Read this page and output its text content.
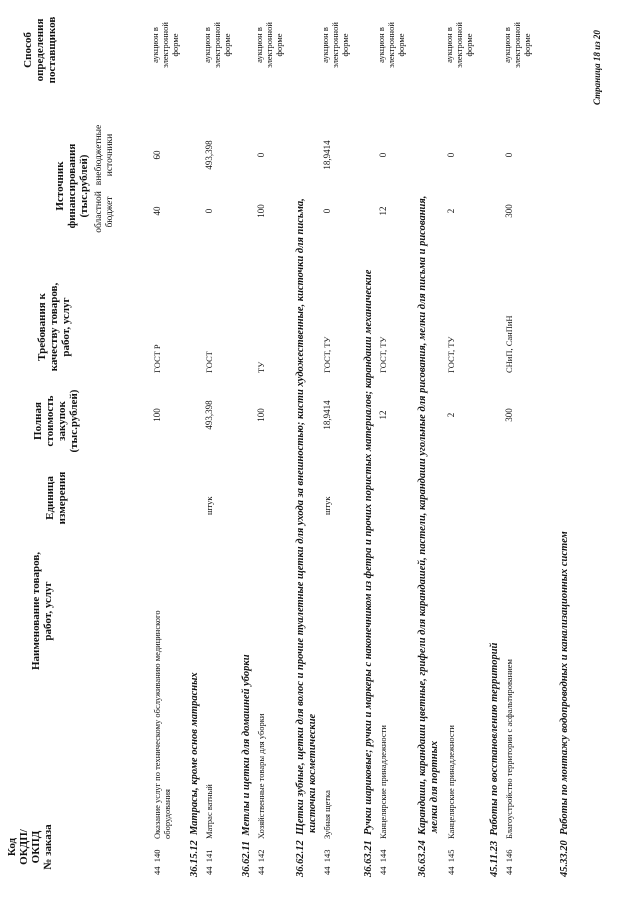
Код ОКДП/ ОКПД № заказа
Наименование товаров, работ, услуг
Единица измерения
Полная стоимость закупок (тыс.рублей)
Требования к качеству товаров, работ, услуг
Источник финансирования (тыс.рублей) областной бюджет
внебюджетные источники
Способ определения поставщиков
44  140
Оказание услуг по техническому обслуживанию медицинского оборудования
100
ГОСТ Р
40
60
аукцион в электронной форме
36.15.12  Матрасы, кроме основ матрасных
44  141
Матрас ватный
штук
493,398
ГОСТ
0
493,398
аукцион в электронной форме
36.62.11  Метлы и щетки для домашней уборки
44  142
Хозяйственные товары для уборки
100
ТУ
100
0
аукцион в электронной форме
36.62.12  Щетки зубные, щетки для волос и прочие туалетные щетки для ухода за внешностью; кисти художественные, кисточки для письма, кисточки косметические
44  143
Зубная щетка
штук
18,9414
ГОСТ, ТУ
0
18,9414
аукцион в электронной форме
36.63.21  Ручки шариковые; ручки и маркеры с наконечником из фетра и прочих пористых материалов; карандаши механические
44  144
Канцелярские принадлежности
12
ГОСТ, ТУ
12
0
аукцион в электронной форме
36.63.24  Карандаши, карандаши цветные, грифели для карандашей, пастели, карандаши угольные для рисования, мелки для письма и рисования, мелки для портных
44  145
Канцелярские принадлежности
2
ГОСТ, ТУ
2
0
аукцион в электронной форме
45.11.23  Работы по восстановлению территорий
44  146
Благоустройство территории с асфальтированием
300
СНиП, СанПиН
300
0
аукцион в электронной форме
45.33.20  Работы по монтажу водопроводных и канализационных систем
Страница 18 из 20
